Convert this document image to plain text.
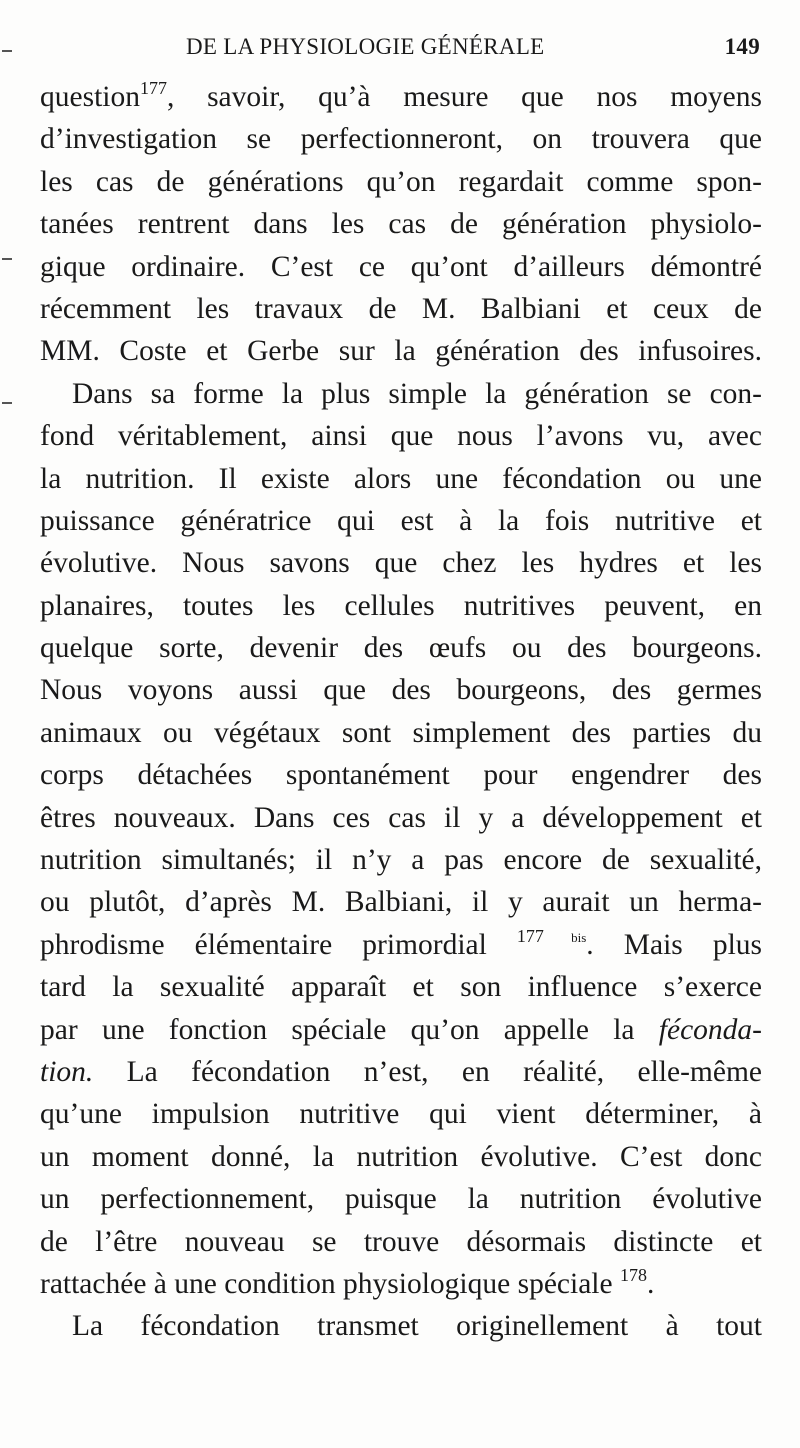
DE LA PHYSIOLOGIE GÉNÉRALE	149
question$^{177}$, savoir, qu’à mesure que nos moyens
d’investigation se perfectionneront, on trouvera que
les cas de générations qu’on regardait comme spon-
tanées rentrent dans les cas de génération physiolo-
gique ordinaire. C’est ce qu’ont d’ailleurs démontré
récemment les travaux de M. Balbiani et ceux de
MM. Coste et Gerbe sur la génération des infusoires.
Dans sa forme la plus simple la génération se con-
fond véritablement, ainsi que nous l’avons vu, avec
la nutrition. Il existe alors une fécondation ou une
puissance génératrice qui est à la fois nutritive et
évolutive. Nous savons que chez les hydres et les
planaires, toutes les cellules nutritives peuvent, en
quelque sorte, devenir des œufs ou des bourgeons.
Nous voyons aussi que des bourgeons, des germes
animaux ou végétaux sont simplement des parties du
corps détachées spontanément pour engendrer des
êtres nouveaux. Dans ces cas il y a développement et
nutrition simultanés; il n’y a pas encore de sexualité,
ou plutôt, d’après M. Balbiani, il y aurait un herma-
phrodisme élémentaire primordial $^{177 bis}$. Mais plus
tard la sexualité apparaît et son influence s’exerce
par une fonction spéciale qu’on appelle la féconda-
tion. La fécondation n’est, en réalité, elle-même
qu’une impulsion nutritive qui vient déterminer, à
un moment donné, la nutrition évolutive. C’est donc
un perfectionnement, puisque la nutrition évolutive
de l’être nouveau se trouve désormais distincte et
rattachée à une condition physiologique spéciale $^{178}$.
La fécondation transmet originellement à tout
